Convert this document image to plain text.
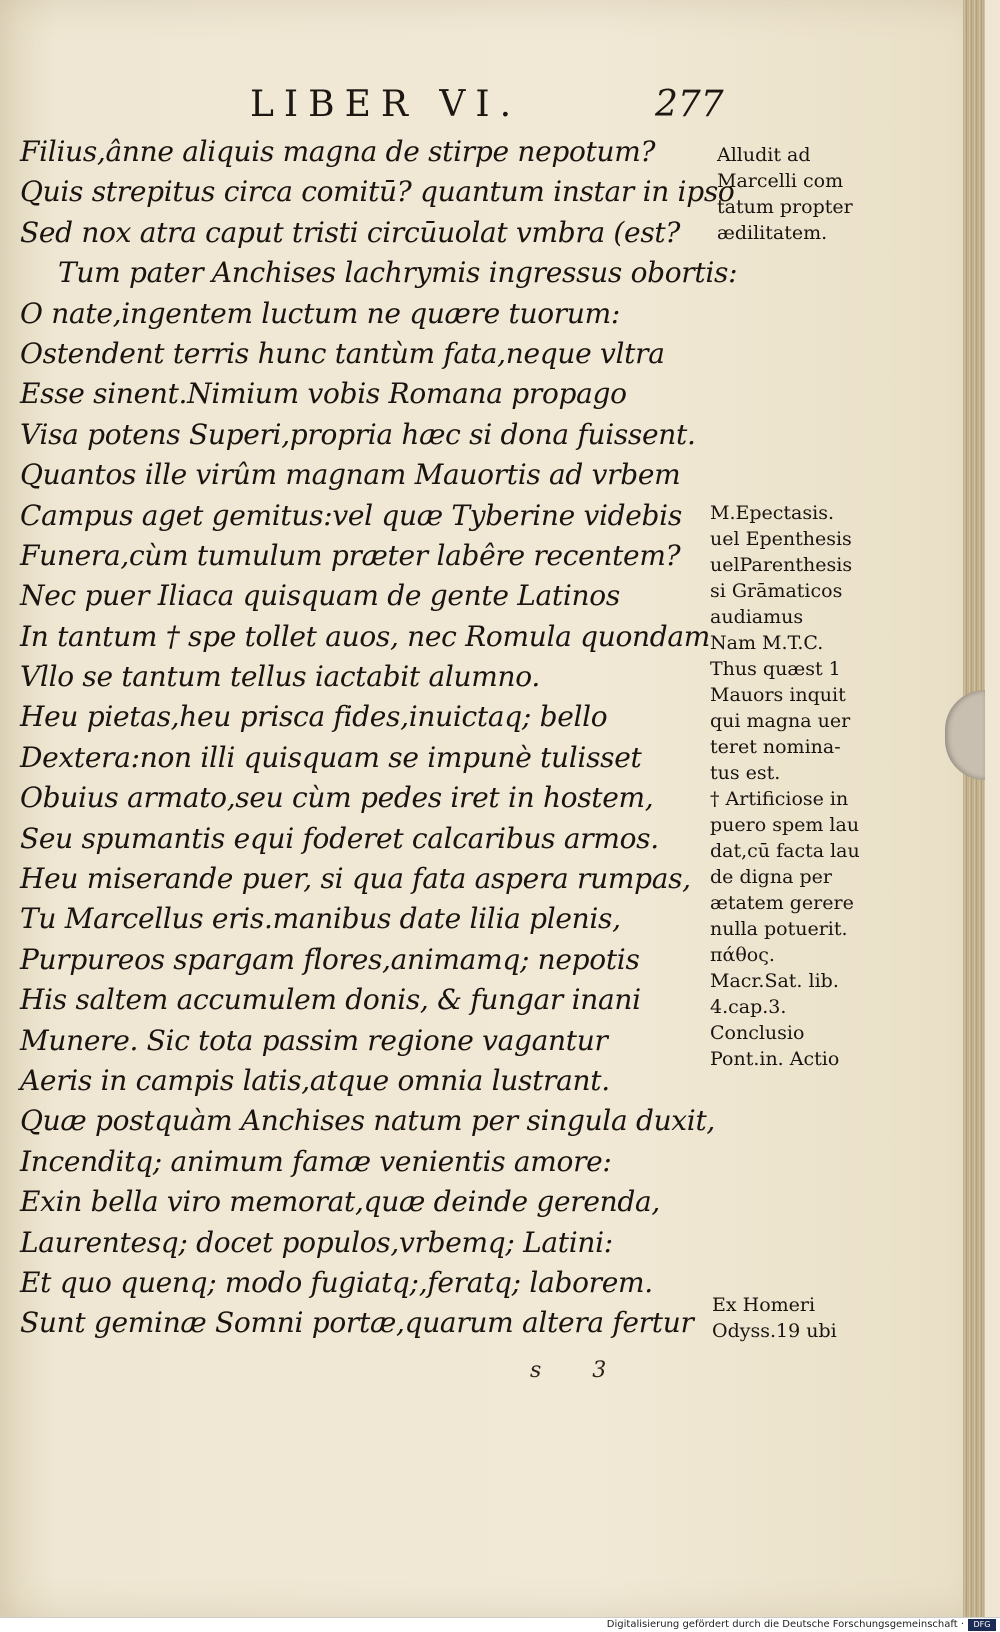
LIBER VI.	277
Filius,ânne aliquis magna de stirpe nepotum?
Quis strepitus circa comitū? quantum instar in ipso
Sed nox atra caput tristi circūuolat vmbra (est?
Tum pater Anchises lachrymis ingressus obortis:
O nate,ingentem luctum ne quære tuorum:
Ostendent terris hunc tantùm fata,neque vltra
Esse sinent.Nimium vobis Romana propago
Visa potens Superi,propria hæc si dona fuissent.
Quantos ille virûm magnam Mauortis ad vrbem
Campus aget gemitus:vel quæ Tyberine videbis
Funera,cùm tumulum præter labêre recentem?
Nec puer Iliaca quisquam de gente Latinos
In tantum † spe tollet auos, nec Romula quondam
Vllo se tantum tellus iactabit alumno.
Heu pietas,heu prisca fides,inuictaq; bello
Dextera:non illi quisquam se impunè tulisset
Obuius armato,seu cùm pedes iret in hostem,
Seu spumantis equi foderet calcaribus armos.
Heu miserande puer, si qua fata aspera rumpas,
Tu Marcellus eris.manibus date lilia plenis,
Purpureos spargam flores,animamq; nepotis
His saltem accumulem donis, & fungar inani
Munere. Sic tota passim regione vagantur
Aeris in campis latis,atque omnia lustrant.
Quæ postquàm Anchises natum per singula duxit,
Incenditq; animum famæ venientis amore:
Exin bella viro memorat,quæ deinde gerenda,
Laurentesq; docet populos,vrbemq; Latini:
Et quo quenq; modo fugiatq;,feratq; laborem.
Sunt geminæ Somni portæ,quarum altera fertur
Alludit ad
Marcelli com
tatum propter
ædilitatem.
M.Epectasis.
uel Epenthesis
uelParenthesis
si Grāmaticos
audiamus
Nam M.T.C.
Thus quæst 1
Mauors inquit
qui magna uer
teret nomina-
tus est.
† Artificiose in
puero spem lau
dat,cū facta lau
de digna per
ætatem gerere
nulla potuerit.
πάθος.
Macr.Sat. lib.
4.cap.3.
Conclusio
Pont.in. Actio
Ex Homeri
Odyss.19 ubi
s 3
Digitalisierung gefördert durch die Deutsche Forschungsgemeinschaft ·	DFG
